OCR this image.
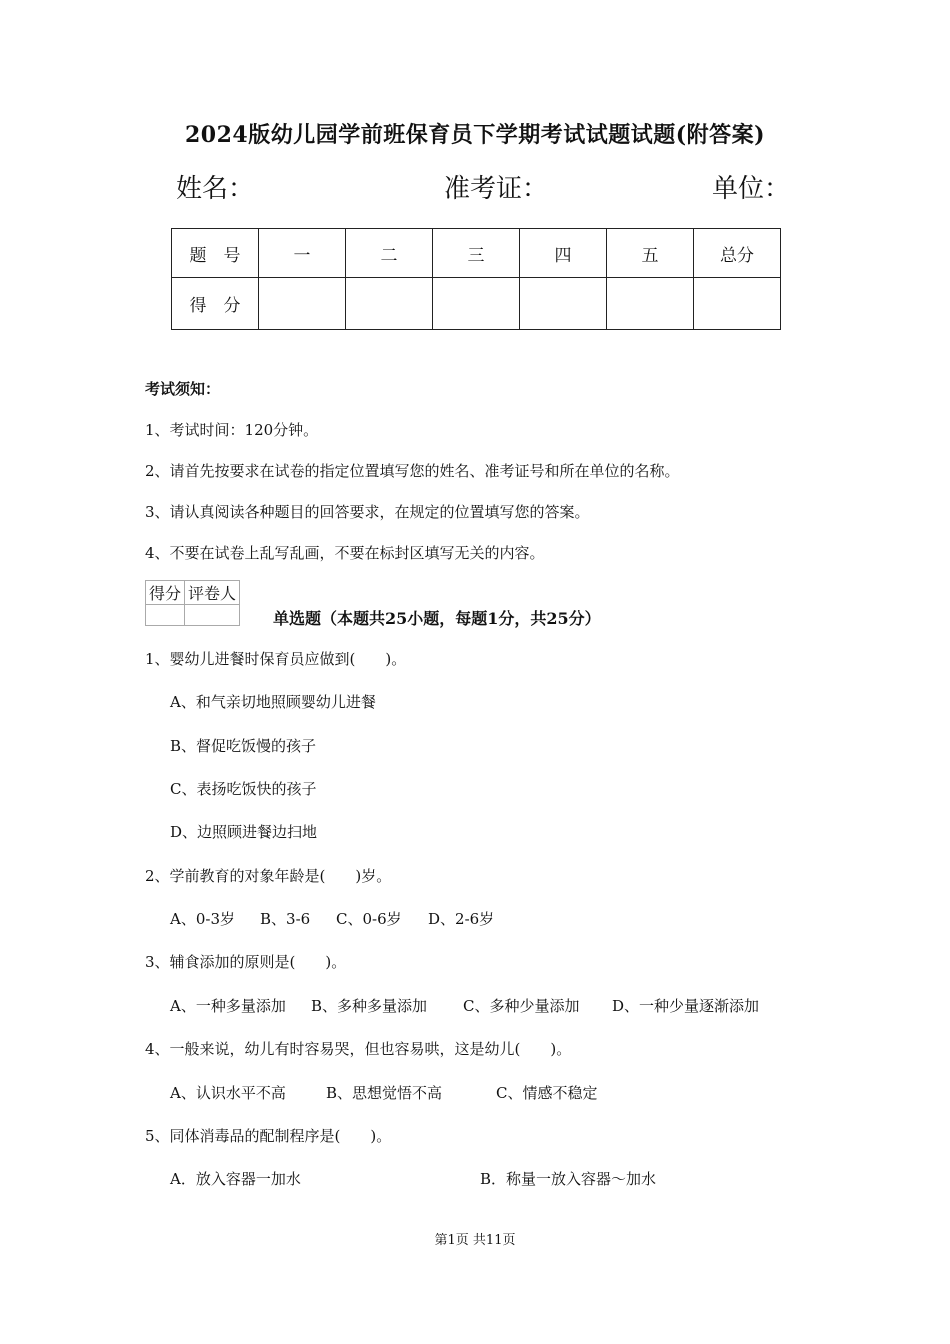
2024版幼儿园学前班保育员下学期考试试题试题(附答案)
姓名：	准考证：	单位：
题　号	一	二	三	四	五	总分
得　分						
考试须知：
1、考试时间：120分钟。
2、请首先按要求在试卷的指定位置填写您的姓名、准考证号和所在单位的名称。
3、请认真阅读各种题目的回答要求，在规定的位置填写您的答案。
4、不要在试卷上乱写乱画，不要在标封区填写无关的内容。
得分	评卷人

单选题（本题共25小题，每题1分，共25分）
1、婴幼儿进餐时保育员应做到(　　)。
A、和气亲切地照顾婴幼儿进餐
B、督促吃饭慢的孩子
C、表扬吃饭快的孩子
D、边照顾进餐边扫地
2、学前教育的对象年龄是(　　)岁。
A、0-3岁 B、3-6 C、0-6岁 D、2-6岁
3、辅食添加的原则是(　　)。
A、一种多量添加 B、多种多量添加 C、多种少量添加 D、一种少量逐渐添加
4、一般来说，幼儿有时容易哭，但也容易哄，这是幼儿(　　)。
A、认识水平不高	B、思想觉悟不高	C、情感不稳定
5、同体消毒品的配制程序是(　　)。
A．放入容器一加水	B．称量一放入容器～加水
第1页 共11页
